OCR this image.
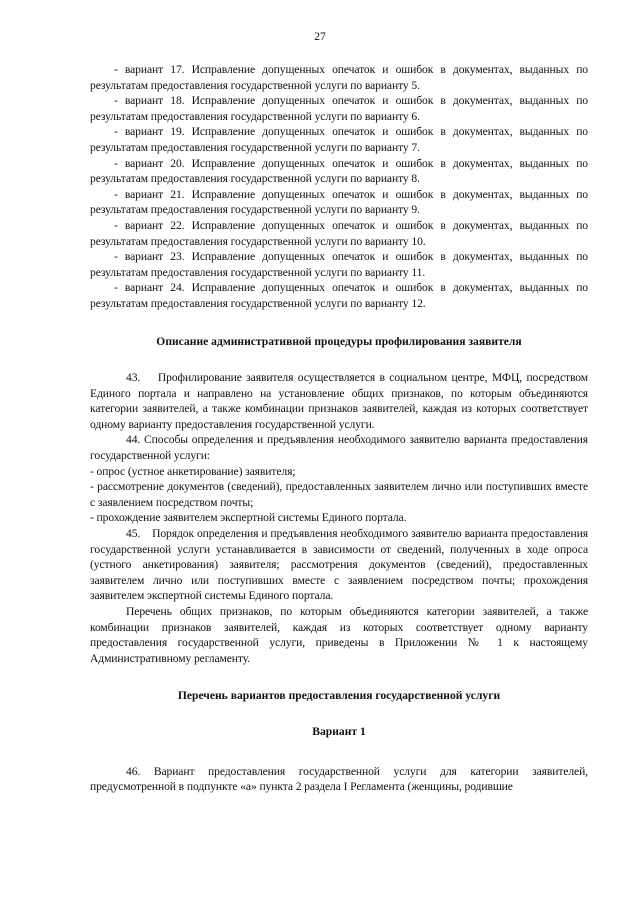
27

- вариант 17. Исправление допущенных опечаток и ошибок в документах, выданных по результатам предоставления государственной услуги по варианту 5.

- вариант 18. Исправление допущенных опечаток и ошибок в документах, выданных по результатам предоставления государственной услуги по варианту 6.

- вариант 19. Исправление допущенных опечаток и ошибок в документах, выданных по результатам предоставления государственной услуги по варианту 7.

- вариант 20. Исправление допущенных опечаток и ошибок в документах, выданных по результатам предоставления государственной услуги по варианту 8.

- вариант 21. Исправление допущенных опечаток и ошибок в документах, выданных по результатам предоставления государственной услуги по варианту 9.

- вариант 22. Исправление допущенных опечаток и ошибок в документах, выданных по результатам предоставления государственной услуги по варианту 10.

- вариант 23. Исправление допущенных опечаток и ошибок в документах, выданных по результатам предоставления государственной услуги по варианту 11.

- вариант 24. Исправление допущенных опечаток и ошибок в документах, выданных по результатам предоставления государственной услуги по варианту 12.

Описание административной процедуры профилирования заявителя

43.    Профилирование заявителя осуществляется в социальном центре, МФЦ, посредством Единого портала и направлено на установление общих признаков, по которым объединяются категории заявителей, а также комбинации признаков заявителей, каждая из которых соответствует одному варианту предоставления государственной услуги.

44. Способы определения и предъявления необходимого заявителю варианта предоставления государственной услуги:

- опрос (устное анкетирование) заявителя;

- рассмотрение документов (сведений), предоставленных заявителем лично или поступивших вместе с заявлением посредством почты;

- прохождение заявителем экспертной системы Единого портала.

45.    Порядок определения и предъявления необходимого заявителю варианта предоставления государственной услуги устанавливается в зависимости от сведений, полученных в ходе опроса (устного анкетирования) заявителя; рассмотрения документов (сведений), предоставленных заявителем лично или поступивших вместе с заявлением посредством почты; прохождения заявителем экспертной системы Единого портала.

Перечень общих признаков, по которым объединяются категории заявителей, а также комбинации признаков заявителей, каждая из которых соответствует одному варианту предоставления государственной услуги, приведены в Приложении № 1 к настоящему Административному регламенту.

Перечень вариантов предоставления государственной услуги

Вариант 1

46. Вариант предоставления государственной услуги для категории заявителей, предусмотренной в подпункте «а» пункта 2 раздела I Регламента (женщины, родившие
